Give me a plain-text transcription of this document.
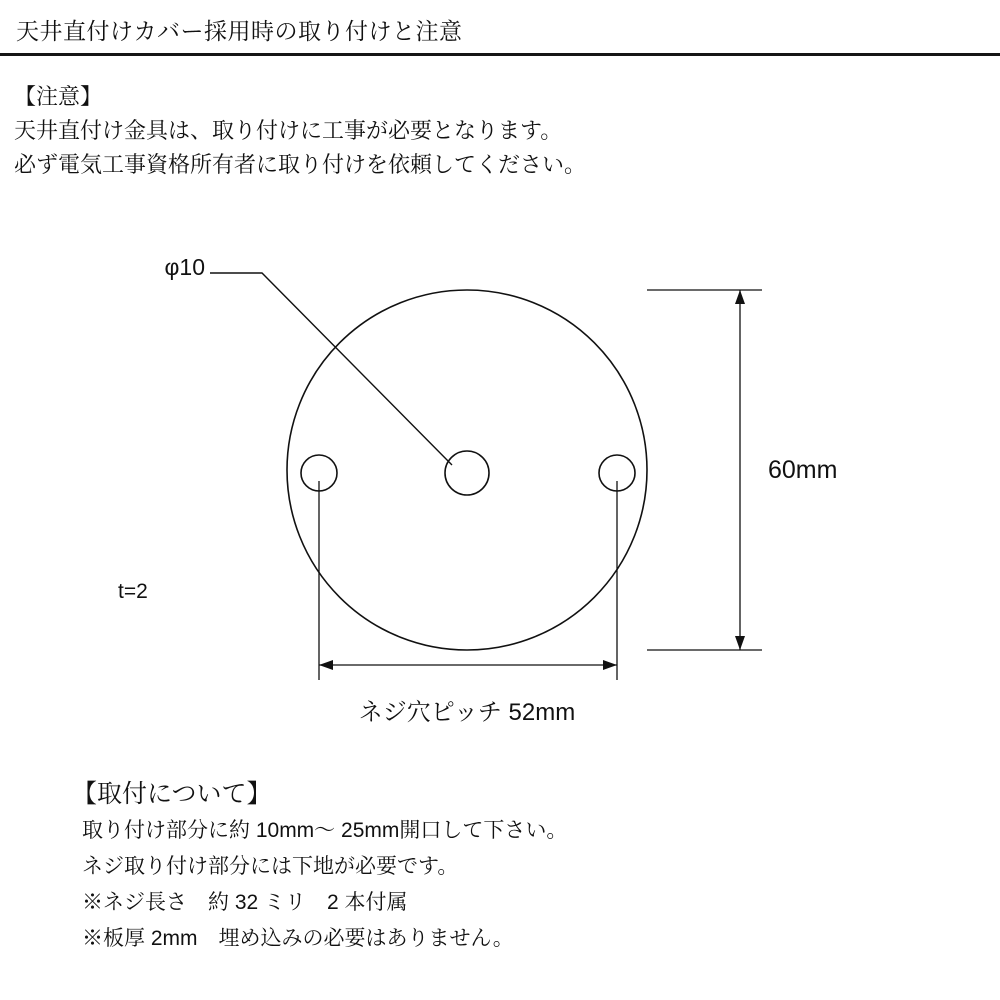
天井直付けカバー採用時の取り付けと注意
【注意】
天井直付け金具は、取り付けに工事が必要となります。
必ず電気工事資格所有者に取り付けを依頼してください。
φ10
t=2
60mm
ネジ穴ピッチ 52mm
【取付について】
取り付け部分に約 10mm〜 25mm開口して下さい。
ネジ取り付け部分には下地が必要です。
※ネジ長さ　約 32 ミリ　2 本付属
※板厚 2mm　埋め込みの必要はありません。
